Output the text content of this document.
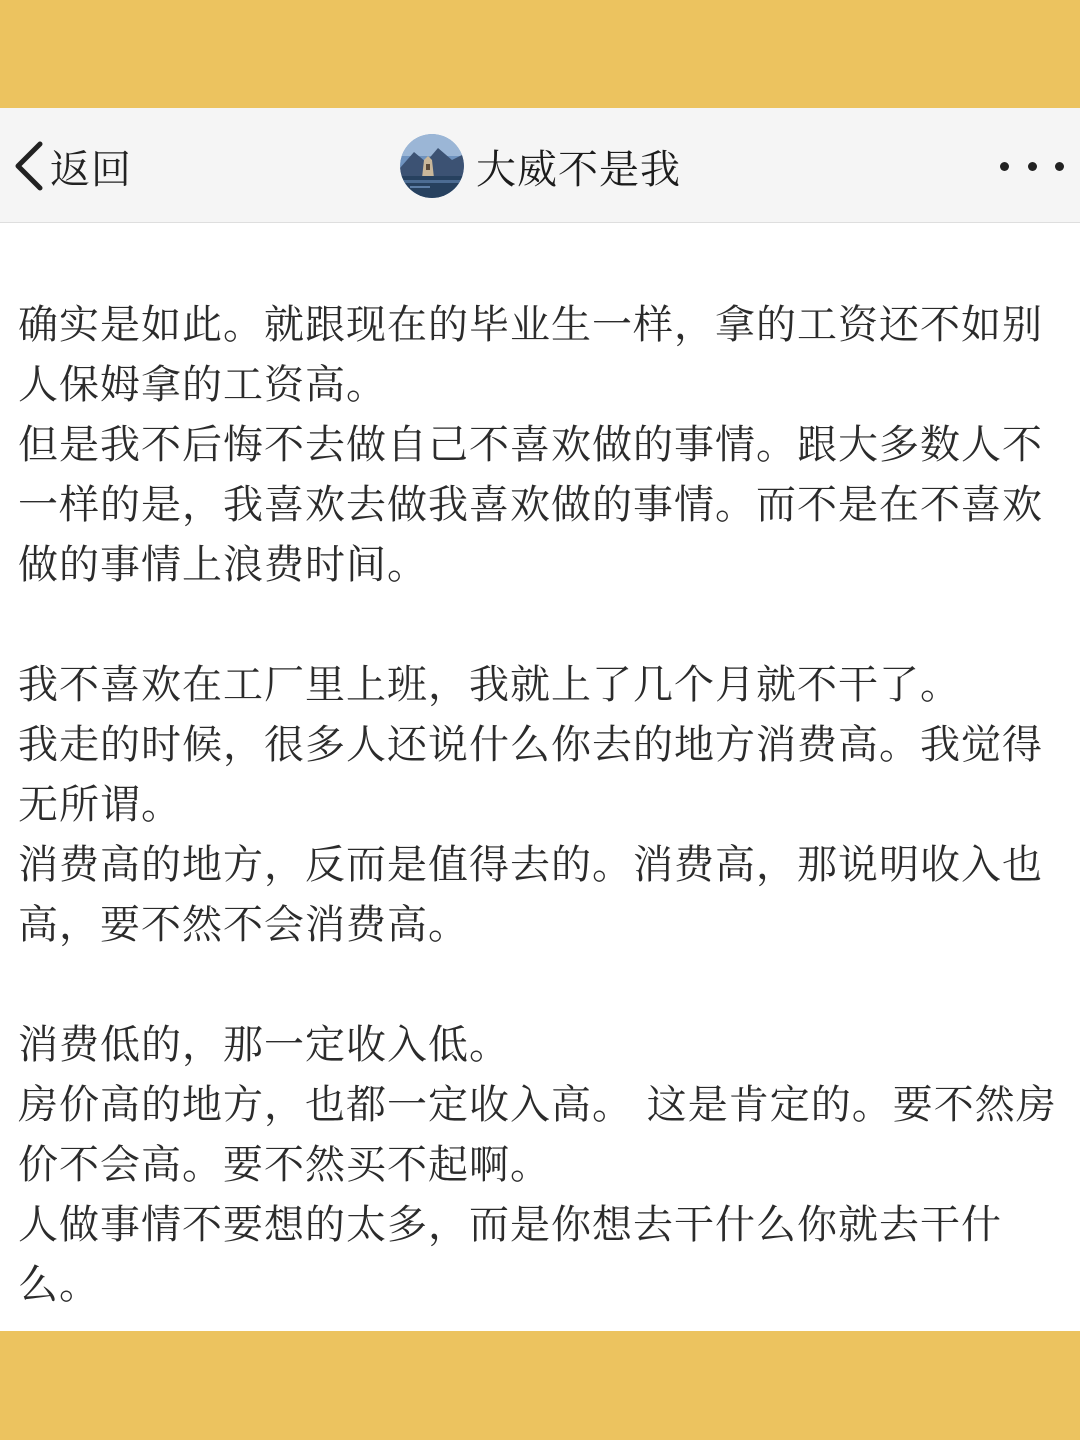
返回	大威不是我

确实是如此。就跟现在的毕业生一样，拿的工资还不如别人保姆拿的工资高。

但是我不后悔不去做自己不喜欢做的事情。跟大多数人不一样的是，我喜欢去做我喜欢做的事情。而不是在不喜欢做的事情上浪费时间。

我不喜欢在工厂里上班，我就上了几个月就不干了。

我走的时候，很多人还说什么你去的地方消费高。我觉得无所谓。

消费高的地方，反而是值得去的。消费高，那说明收入也高，要不然不会消费高。

消费低的，那一定收入低。

房价高的地方，也都一定收入高。 这是肯定的。要不然房价不会高。要不然买不起啊。

人做事情不要想的太多，而是你想去干什么你就去干什么。
